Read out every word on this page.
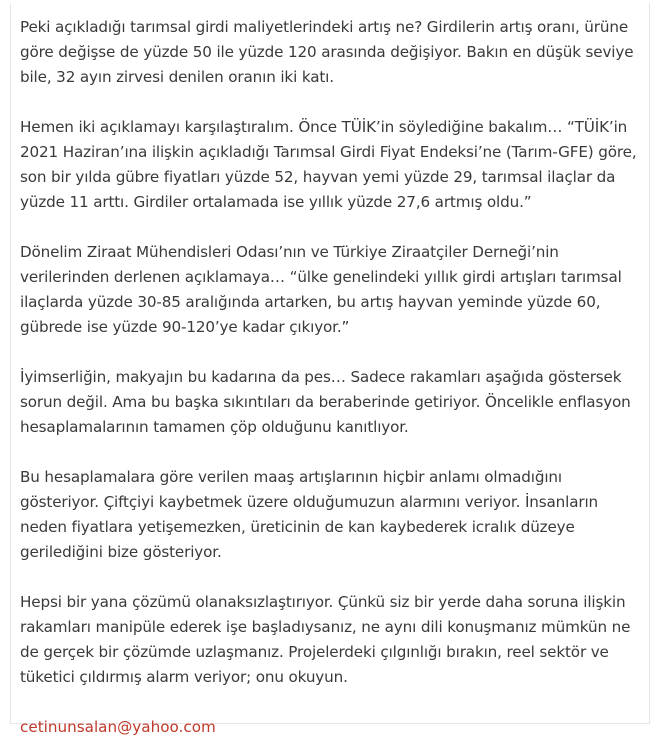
Peki açıkladığı tarımsal girdi maliyetlerindeki artış ne? Girdilerin artış oranı, ürüne göre değişse de yüzde 50 ile yüzde 120 arasında değişiyor. Bakın en düşük seviye bile, 32 ayın zirvesi denilen oranın iki katı.

Hemen iki açıklamayı karşılaştıralım. Önce TÜİK’in söylediğine bakalım… “TÜİK’in 2021 Haziran’ına ilişkin açıkladığı Tarımsal Girdi Fiyat Endeksi’ne (Tarım-GFE) göre, son bir yılda gübre fiyatları yüzde 52, hayvan yemi yüzde 29, tarımsal ilaçlar da yüzde 11 arttı. Girdiler ortalamada ise yıllık yüzde 27,6 artmış oldu.”

Dönelim Ziraat Mühendisleri Odası’nın ve Türkiye Ziraatçiler Derneği’nin verilerinden derlenen açıklamaya… “ülke genelindeki yıllık girdi artışları tarımsal ilaçlarda yüzde 30-85 aralığında artarken, bu artış hayvan yeminde yüzde 60, gübrede ise yüzde 90-120’ye kadar çıkıyor.”

İyimserliğin, makyajın bu kadarına da pes… Sadece rakamları aşağıda göstersek sorun değil. Ama bu başka sıkıntıları da beraberinde getiriyor. Öncelikle enflasyon hesaplamalarının tamamen çöp olduğunu kanıtlıyor.

Bu hesaplamalara göre verilen maaş artışlarının hiçbir anlamı olmadığını gösteriyor. Çiftçiyi kaybetmek üzere olduğumuzun alarmını veriyor. İnsanların neden fiyatlara yetişemezken, üreticinin de kan kaybederek icralık düzeye gerilediğini bize gösteriyor.

Hepsi bir yana çözümü olanaksızlaştırıyor. Çünkü siz bir yerde daha soruna ilişkin rakamları manipüle ederek işe başladıysanız, ne aynı dili konuşmanız mümkün ne de gerçek bir çözümde uzlaşmanız. Projelerdeki çılgınlığı bırakın, reel sektör ve tüketici çıldırmış alarm veriyor; onu okuyun.

cetinunsalan@yahoo.com
